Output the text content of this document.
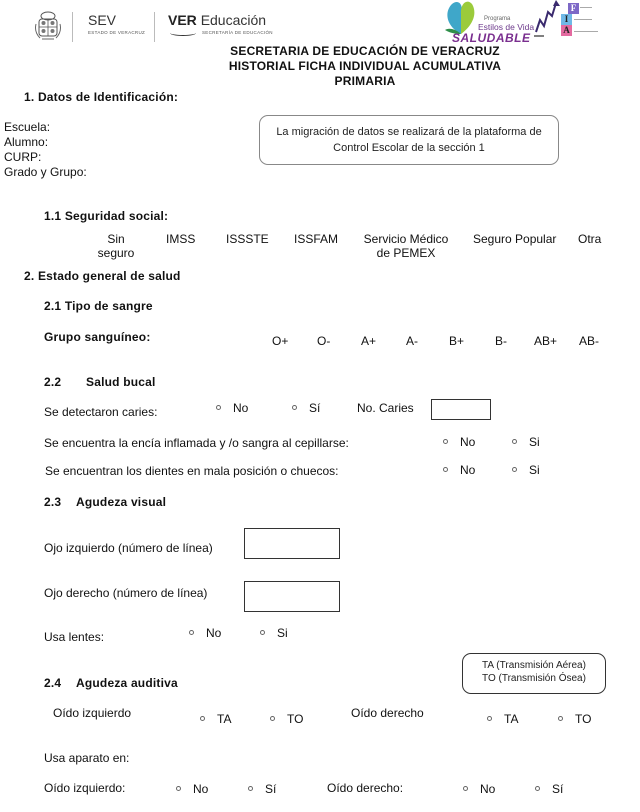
SEV
ESTADO DE VERACRUZ
VER Educación
SECRETARÍA DE EDUCACIÓN
Programa
Estilos de Vida
SALUDABLE
F
I
A
SECRETARIA DE EDUCACIÓN DE VERACRUZ
HISTORIAL FICHA INDIVIDUAL ACUMULATIVA
PRIMARIA
1. Datos de Identificación:
Escuela:
Alumno:
CURP:
Grado y Grupo:
La migración de datos se realizará de la plataforma de
Control Escolar de la sección 1
1.1 Seguridad social:
Sin
seguro
IMSS	ISSSTE ISSFAM	Servicio Médico
de PEMEX
Seguro Popular Otra
2. Estado general de salud
2.1 Tipo de sangre
Grupo sanguíneo:	O+ O-	A+ A-	B+	B- AB+ AB-
2.2 Salud bucal
Se detectaron caries:	No	Sí	No. Caries
Se encuentra la encía inflamada y /o sangra al cepillarse:	No	Si
Se encuentran los dientes en mala posición o chuecos:	No	Si
2.3 Agudeza visual
Ojo izquierdo (número de línea)
Ojo derecho (número de línea)
Usa lentes:	No	Si
TA (Transmisión Aérea)
TO (Transmisión Ósea)
2.4 Agudeza auditiva
Oído izquierdo	TA	TO	Oído derecho	TA	TO
Usa aparato en:
Oído izquierdo:	No	Sí	Oído derecho:	No	Sí
